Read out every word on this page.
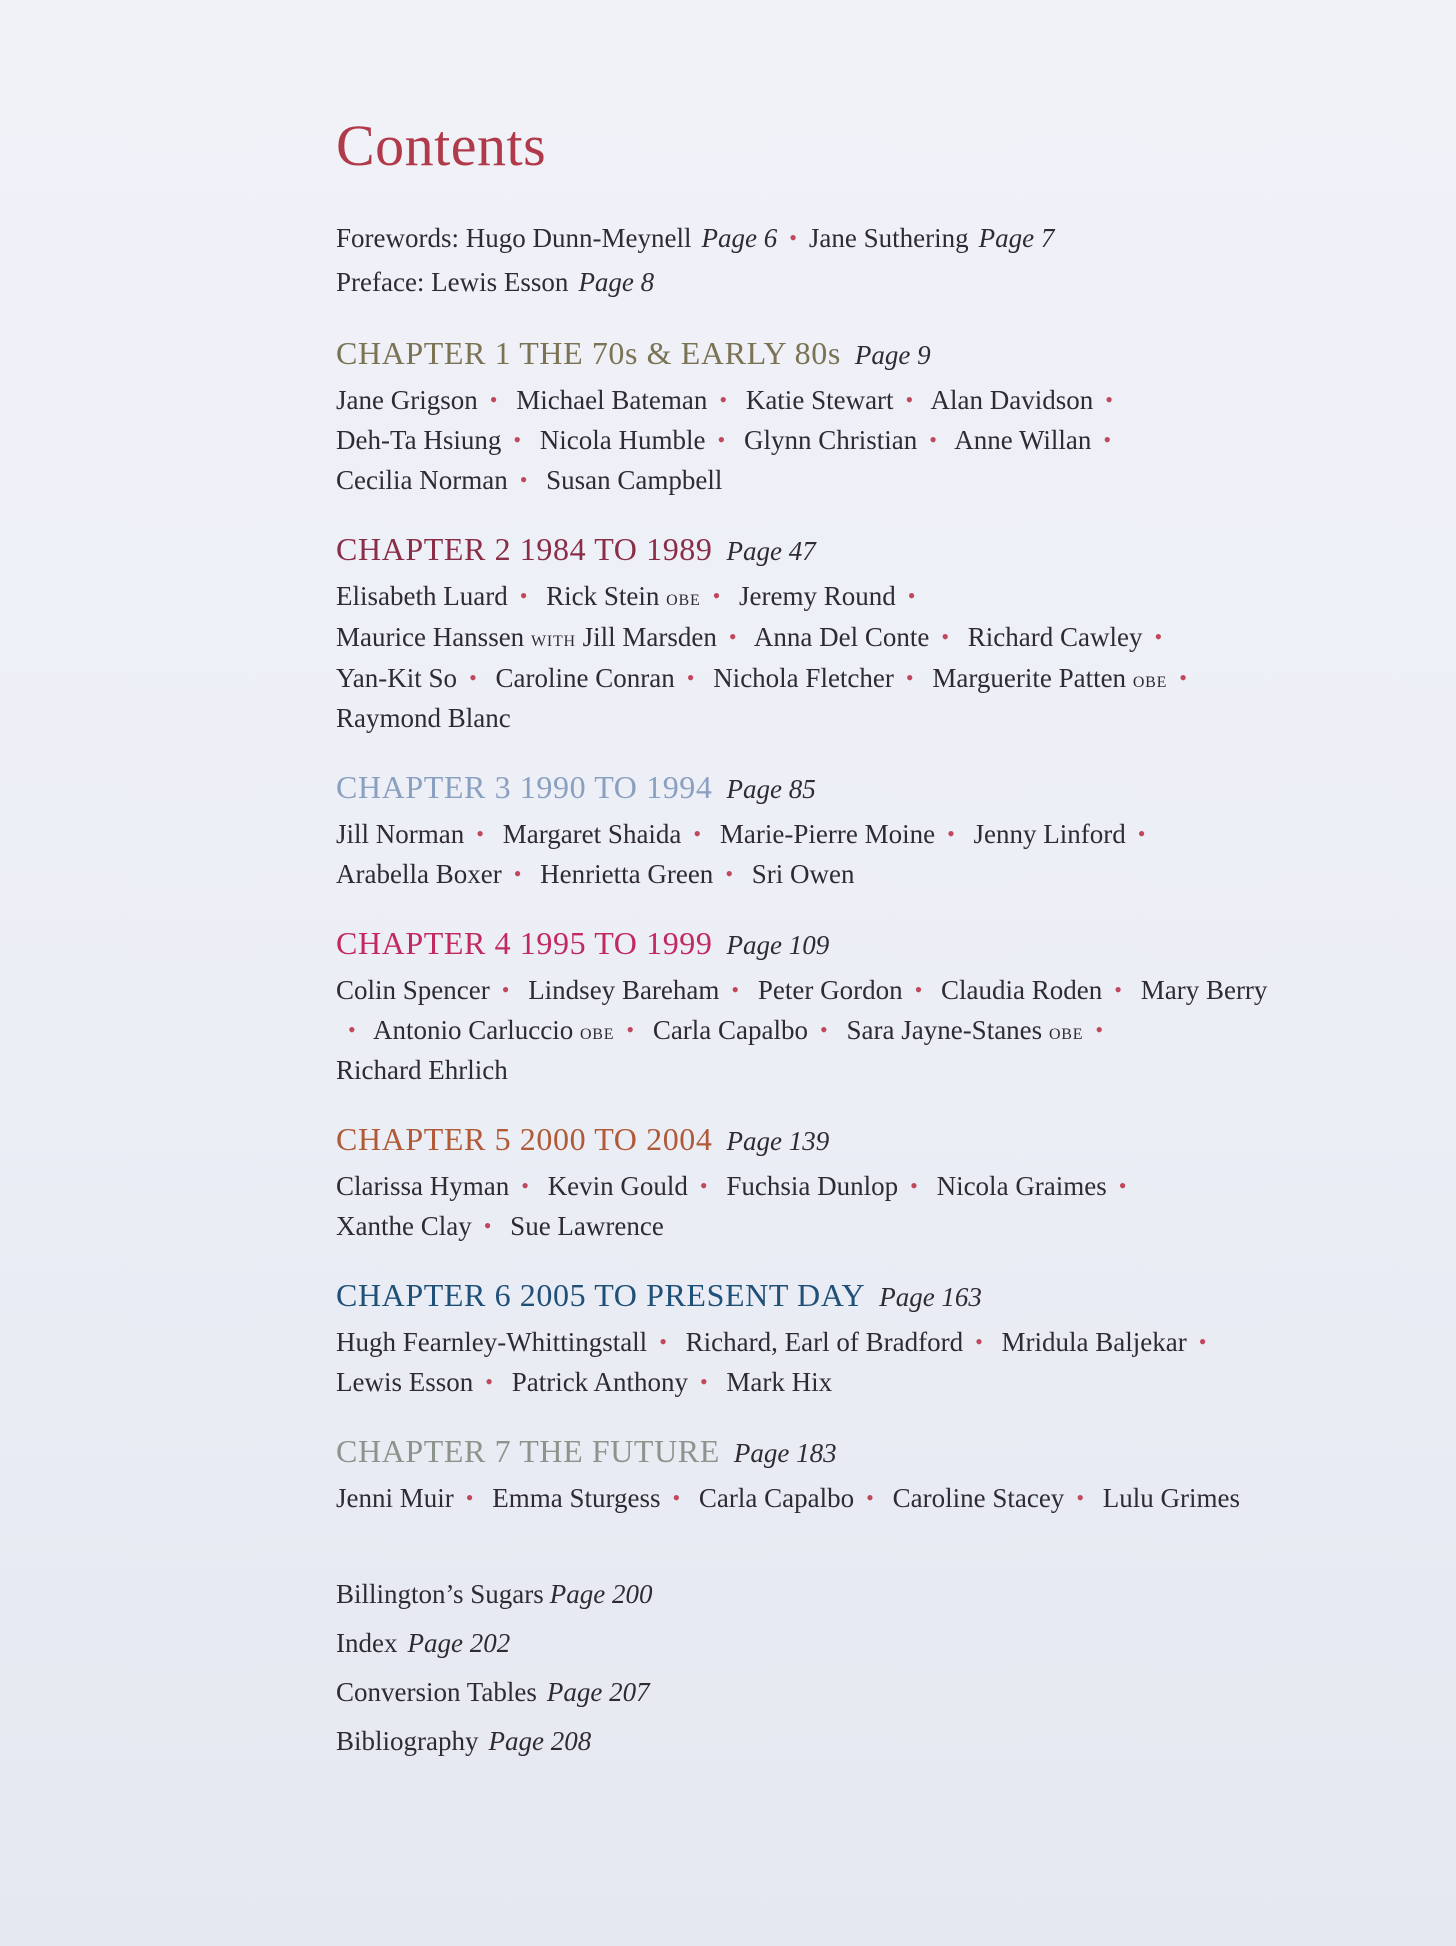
Contents
Forewords: Hugo Dunn-Meynell Page 6 • Jane Suthering Page 7
Preface: Lewis Esson Page 8
CHAPTER 1 THE 70s & EARLY 80s Page 9
Jane Grigson • Michael Bateman • Katie Stewart • Alan Davidson • Deh-Ta Hsiung • Nicola Humble • Glynn Christian • Anne Willan • Cecilia Norman • Susan Campbell
CHAPTER 2 1984 TO 1989 Page 47
Elisabeth Luard • Rick Stein obe • Jeremy Round • Maurice Hanssen with Jill Marsden • Anna Del Conte • Richard Cawley • Yan-Kit So • Caroline Conran • Nichola Fletcher • Marguerite Patten obe • Raymond Blanc
CHAPTER 3 1990 TO 1994 Page 85
Jill Norman • Margaret Shaida • Marie-Pierre Moine • Jenny Linford • Arabella Boxer • Henrietta Green • Sri Owen
CHAPTER 4 1995 TO 1999 Page 109
Colin Spencer • Lindsey Bareham • Peter Gordon • Claudia Roden • Mary Berry• Antonio Carluccio obe • Carla Capalbo • Sara Jayne-Stanes obe • Richard Ehrlich
CHAPTER 5 2000 TO 2004 Page 139
Clarissa Hyman • Kevin Gould • Fuchsia Dunlop • Nicola Graimes • Xanthe Clay • Sue Lawrence
CHAPTER 6 2005 TO PRESENT DAY Page 163
Hugh Fearnley-Whittingstall • Richard, Earl of Bradford • Mridula Baljekar • Lewis Esson • Patrick Anthony • Mark Hix
CHAPTER 7 THE FUTURE Page 183
Jenni Muir • Emma Sturgess • Carla Capalbo • Caroline Stacey • Lulu Grimes
Billington’s Sugars Page 200
Index Page 202
Conversion Tables Page 207
Bibliography Page 208
